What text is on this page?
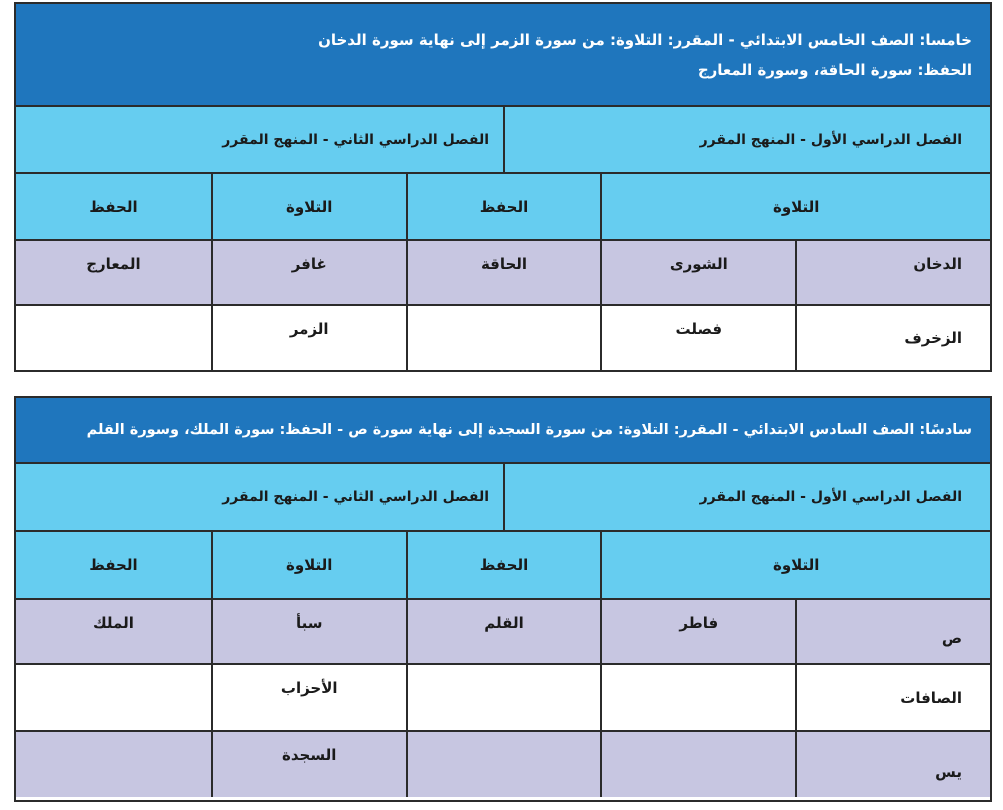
خامسا: الصف الخامس الابتدائي - المقرر: التلاوة: من سورة الزمر إلى نهاية سورة الدخان
الحفظ: سورة الحاقة، وسورة المعارج
الفصل الدراسي الأول - المنهج المقرر
الفصل الدراسي الثاني - المنهج المقرر
التلاوة
الحفظ
التلاوة
الحفظ
الدخان
الشورى
الحاقة
غافر
المعارج
الزخرف
فصلت
الزمر
سادسًا: الصف السادس الابتدائي - المقرر: التلاوة: من سورة السجدة إلى نهاية سورة ص - الحفظ: سورة الملك، وسورة القلم
الفصل الدراسي الأول - المنهج المقرر
الفصل الدراسي الثاني - المنهج المقرر
التلاوة
الحفظ
التلاوة
الحفظ
ص
فاطر
القلم
سبأ
الملك
الصافات
الأحزاب
يس
السجدة
